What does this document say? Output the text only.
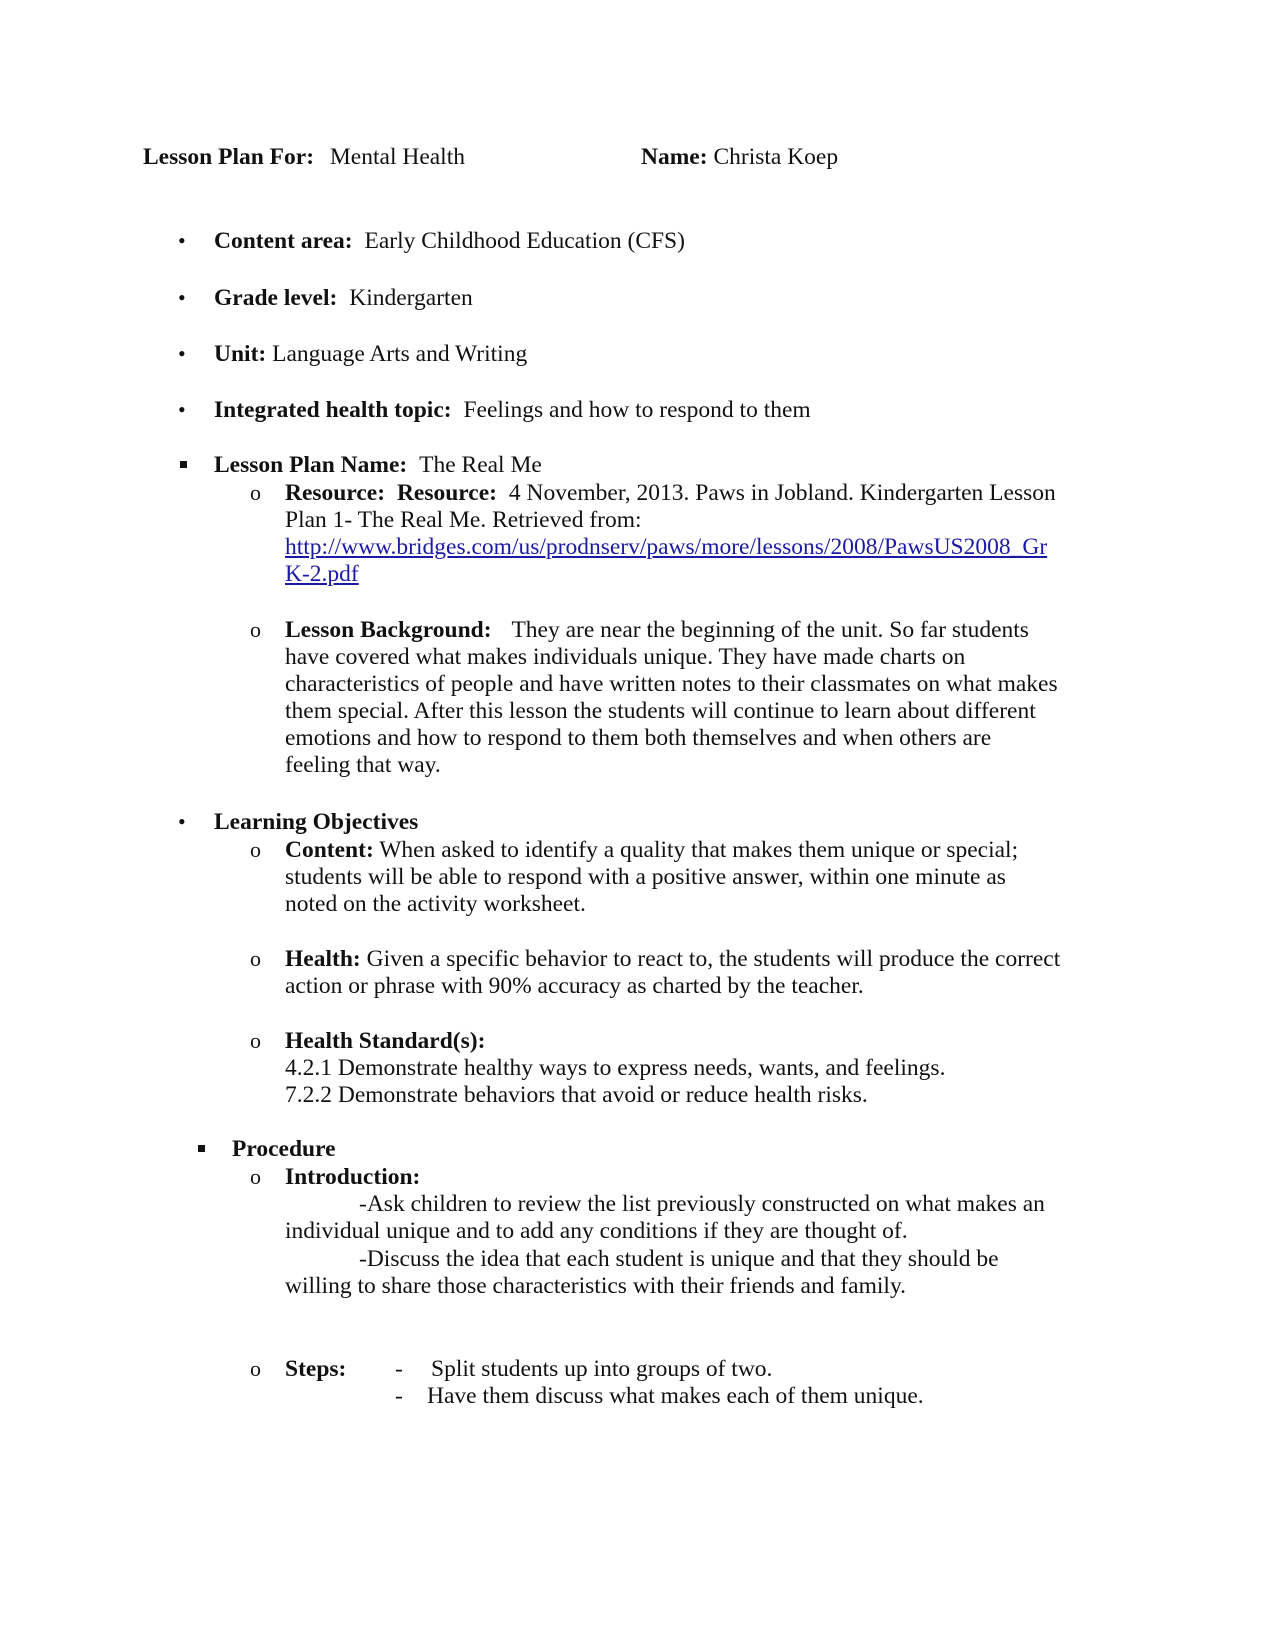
Lesson Plan For: Mental Health	Name: Christa Koep
• Content area: Early Childhood Education (CFS)
• Grade level: Kindergarten
• Unit: Language Arts and Writing
• Integrated health topic: Feelings and how to respond to them
Lesson Plan Name: The Real Me
o Resource: Resource: 4 November, 2013. Paws in Jobland. Kindergarten Lesson
Plan 1- The Real Me. Retrieved from:
http://www.bridges.com/us/prodnserv/paws/more/lessons/2008/PawsUS2008_Gr
K-2.pdf
o Lesson Background: They are near the beginning of the unit. So far students
have covered what makes individuals unique. They have made charts on
characteristics of people and have written notes to their classmates on what makes
them special. After this lesson the students will continue to learn about different
emotions and how to respond to them both themselves and when others are
feeling that way.
• Learning Objectives
o Content: When asked to identify a quality that makes them unique or special;
students will be able to respond with a positive answer, within one minute as
noted on the activity worksheet.
o Health: Given a specific behavior to react to, the students will produce the correct
action or phrase with 90% accuracy as charted by the teacher.
o Health Standard(s):
4.2.1 Demonstrate healthy ways to express needs, wants, and feelings.
7.2.2 Demonstrate behaviors that avoid or reduce health risks.
Procedure
o Introduction:
-Ask children to review the list previously constructed on what makes an
individual unique and to add any conditions if they are thought of.
-Discuss the idea that each student is unique and that they should be
willing to share those characteristics with their friends and family.
o Steps: - Split students up into groups of two.
- Have them discuss what makes each of them unique.
